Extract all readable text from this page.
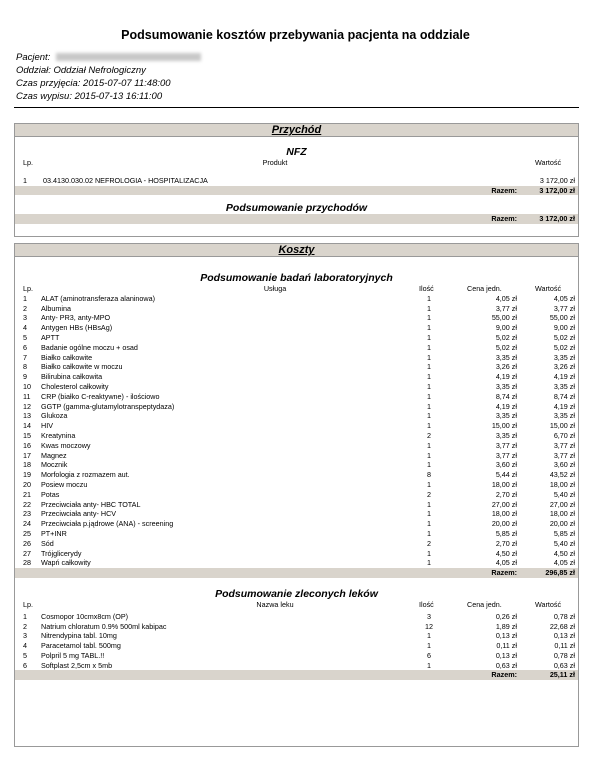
Podsumowanie kosztów przebywania pacjenta na oddziale
Pacjent:
Oddział: Oddział Nefrologiczny
Czas przyjęcia: 2015-07-07 11:48:00
Czas wypisu: 2015-07-13 16:11:00
Przychód
NFZ
Lp.	Produkt	Wartość
1 03.4130.030.02 NEFROLOGIA - HOSPITALIZACJA	3 172,00 zł
Razem:	3 172,00 zł
Podsumowanie przychodów
Razem:	3 172,00 zł
Koszty
Podsumowanie badań laboratoryjnych
Lp.	Usługa	Ilość	Cena jedn.	Wartość
1 ALAT (aminotransferaza alaninowa)	1	4,05 zł	4,05 zł
2 Albumina	1	3,77 zł	3,77 zł
3 Anty- PR3, anty-MPO	1	55,00 zł	55,00 zł
4 Antygen HBs (HBsAg)	1	9,00 zł	9,00 zł
5 APTT	1	5,02 zł	5,02 zł
6 Badanie ogólne moczu + osad	1	5,02 zł	5,02 zł
7 Białko całkowite	1	3,35 zł	3,35 zł
8 Białko całkowite w moczu	1	3,26 zł	3,26 zł
9 Bilirubina całkowita	1	4,19 zł	4,19 zł
10 Cholesterol całkowity	1	3,35 zł	3,35 zł
11 CRP (białko C-reaktywne) - ilościowo	1	8,74 zł	8,74 zł
12 GGTP (gamma-glutamylotranspeptydaza)	1	4,19 zł	4,19 zł
13 Glukoza	1	3,35 zł	3,35 zł
14 HIV	1	15,00 zł	15,00 zł
15 Kreatynina	2	3,35 zł	6,70 zł
16 Kwas moczowy	1	3,77 zł	3,77 zł
17 Magnez	1	3,77 zł	3,77 zł
18 Mocznik	1	3,60 zł	3,60 zł
19 Morfologia z rozmazem aut.	8	5,44 zł	43,52 zł
20 Posiew moczu	1	18,00 zł	18,00 zł
21 Potas	2	2,70 zł	5,40 zł
22 Przeciwciała anty- HBC TOTAL	1	27,00 zł	27,00 zł
23 Przeciwciała anty- HCV	1	18,00 zł	18,00 zł
24 Przeciwciała p.jądrowe (ANA) - screening	1	20,00 zł	20,00 zł
25 PT+INR	1	5,85 zł	5,85 zł
26 Sód	2	2,70 zł	5,40 zł
27 Trójglicerydy	1	4,50 zł	4,50 zł
28 Wapń całkowity	1	4,05 zł	4,05 zł
Razem:	296,85 zł
Podsumowanie zleconych leków
Lp.	Nazwa leku	Ilość	Cena jedn.	Wartość
1 Cosmopor 10cmx8cm (OP)	3	0,26 zł	0,78 zł
2 Natrium chloratum 0.9% 500ml kabipac	12	1,89 zł	22,68 zł
3 Nitrendypina tabl. 10mg	1	0,13 zł	0,13 zł
4 Paracetamol tabl. 500mg	1	0,11 zł	0,11 zł
5 Polpril 5 mg TABL.!!	6	0,13 zł	0,78 zł
6 Softplast 2,5cm x 5mb	1	0,63 zł	0,63 zł
Razem:	25,11 zł
